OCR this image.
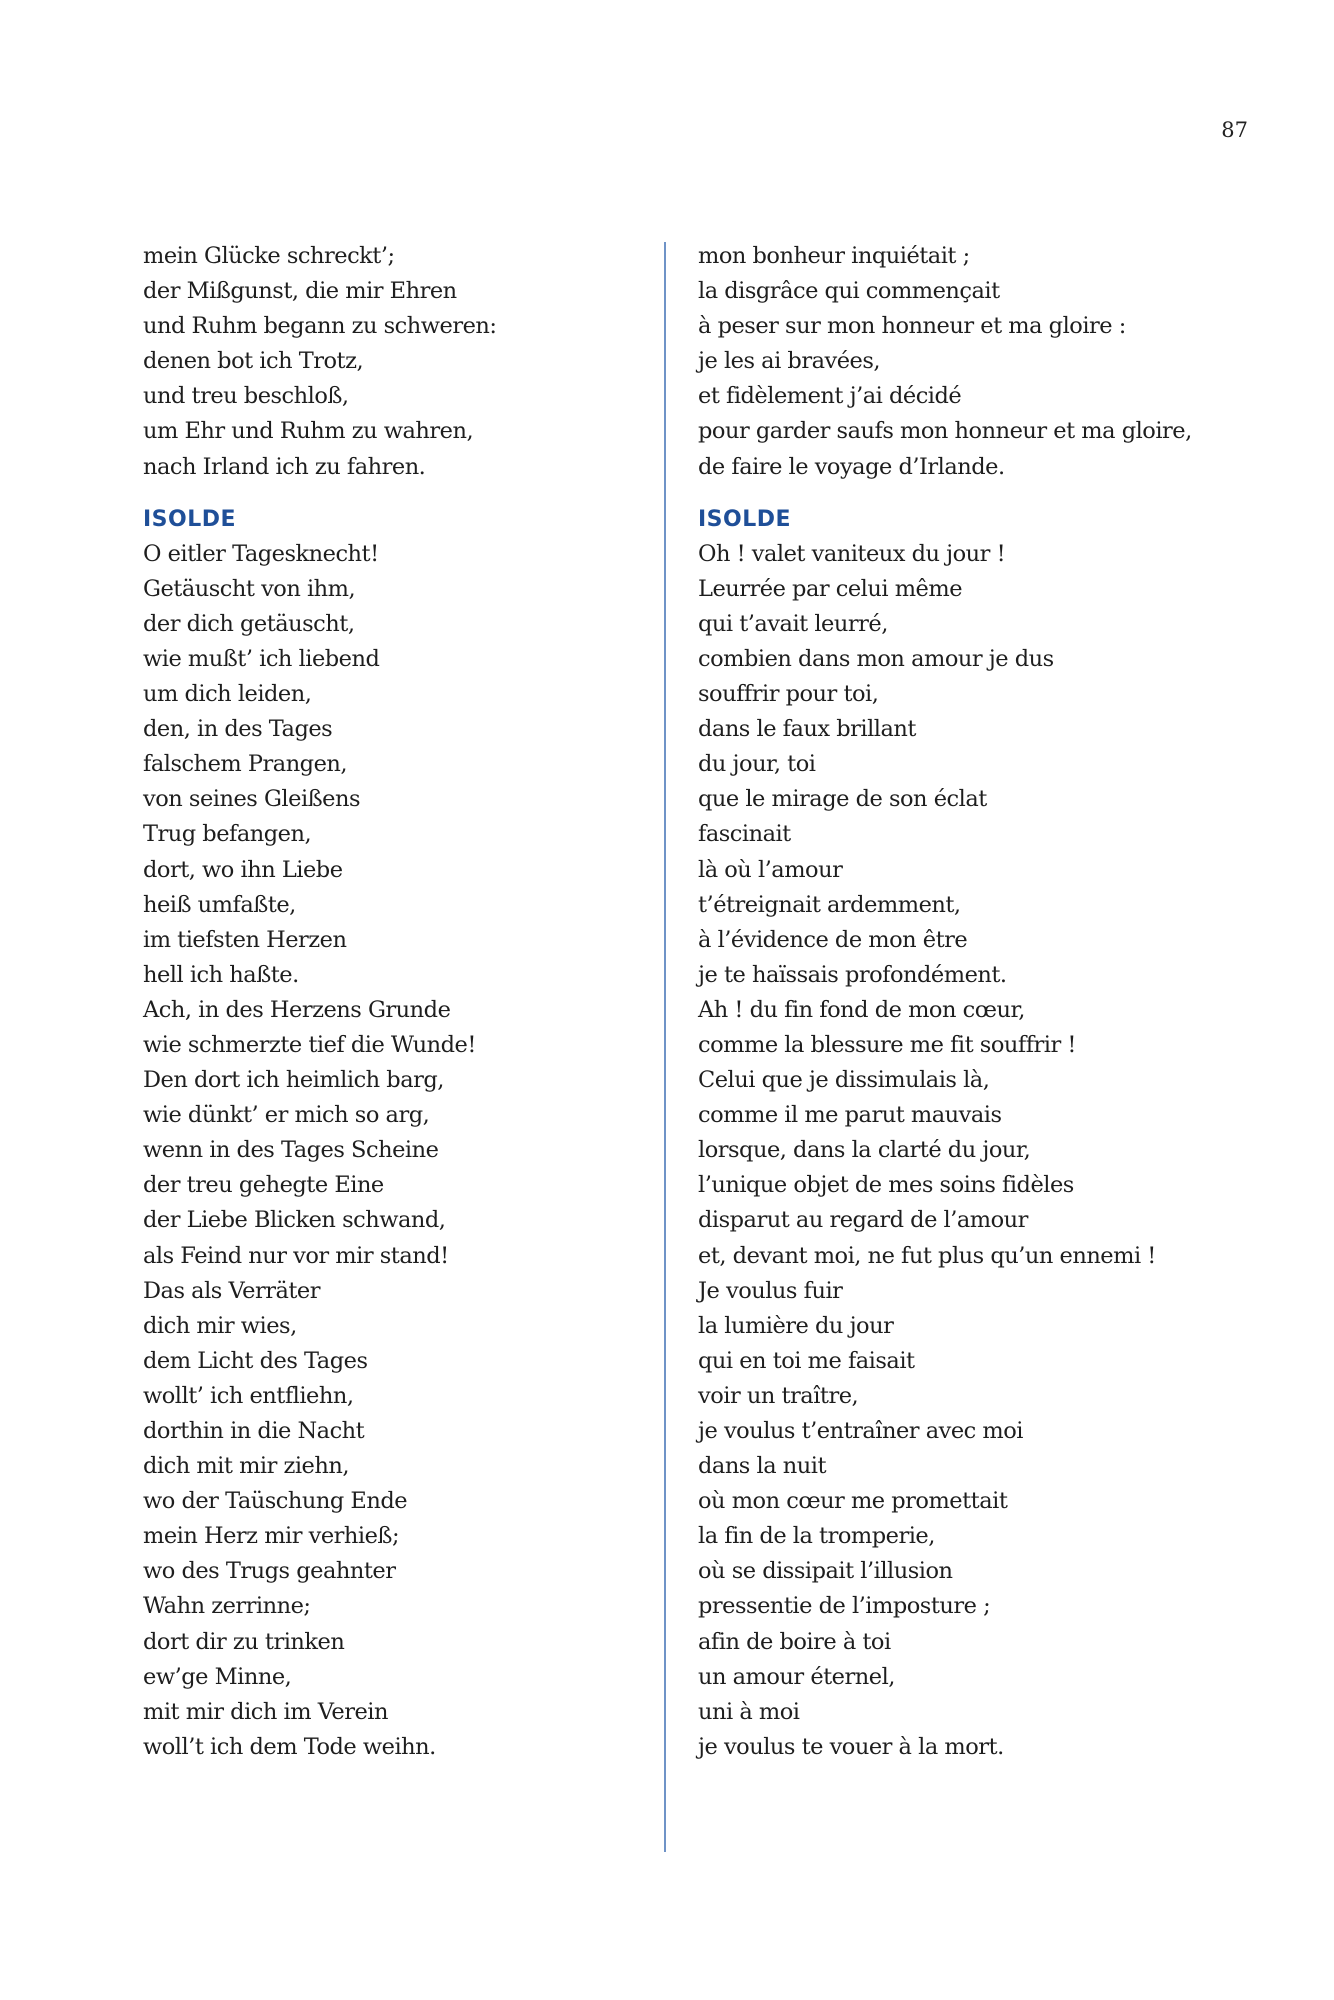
87
mein Glücke schreckt’;
der Mißgunst, die mir Ehren
und Ruhm begann zu schweren:
denen bot ich Trotz,
und treu beschloß,
um Ehr und Ruhm zu wahren,
nach Irland ich zu fahren.
ISOLDE
O eitler Tagesknecht!
Getäuscht von ihm,
der dich getäuscht,
wie mußt’ ich liebend
um dich leiden,
den, in des Tages
falschem Prangen,
von seines Gleißens
Trug befangen,
dort, wo ihn Liebe
heiß umfaßte,
im tiefsten Herzen
hell ich haßte.
Ach, in des Herzens Grunde
wie schmerzte tief die Wunde!
Den dort ich heimlich barg,
wie dünkt’ er mich so arg,
wenn in des Tages Scheine
der treu gehegte Eine
der Liebe Blicken schwand,
als Feind nur vor mir stand!
Das als Verräter
dich mir wies,
dem Licht des Tages
wollt’ ich entfliehn,
dorthin in die Nacht
dich mit mir ziehn,
wo der Taüschung Ende
mein Herz mir verhieß;
wo des Trugs geahnter
Wahn zerrinne;
dort dir zu trinken
ew’ge Minne,
mit mir dich im Verein
woll’t ich dem Tode weihn.
mon bonheur inquiétait ;
la disgrâce qui commençait
à peser sur mon honneur et ma gloire :
je les ai bravées,
et fidèlement j’ai décidé
pour garder saufs mon honneur et ma gloire,
de faire le voyage d’Irlande.
ISOLDE
Oh ! valet vaniteux du jour !
Leurrée par celui même
qui t’avait leurré,
combien dans mon amour je dus
souffrir pour toi,
dans le faux brillant
du jour, toi
que le mirage de son éclat
fascinait
là où l’amour
t’étreignait ardemment,
à l’évidence de mon être
je te haïssais profondément.
Ah ! du fin fond de mon cœur,
comme la blessure me fit souffrir !
Celui que je dissimulais là,
comme il me parut mauvais
lorsque, dans la clarté du jour,
l’unique objet de mes soins fidèles
disparut au regard de l’amour
et, devant moi, ne fut plus qu’un ennemi !
Je voulus fuir
la lumière du jour
qui en toi me faisait
voir un traître,
je voulus t’entraîner avec moi
dans la nuit
où mon cœur me promettait
la fin de la tromperie,
où se dissipait l’illusion
pressentie de l’imposture ;
afin de boire à toi
un amour éternel,
uni à moi
je voulus te vouer à la mort.
